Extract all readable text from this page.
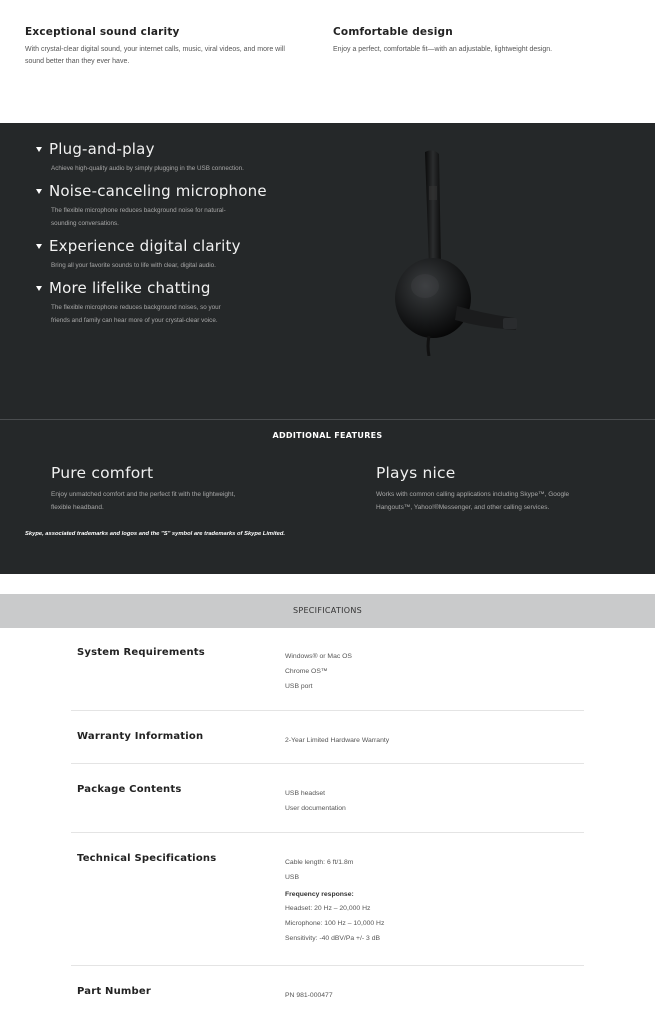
Exceptional sound clarity

With crystal-clear digital sound, your internet calls, music, viral videos, and more will
sound better than they ever have.

Comfortable design

Enjoy a perfect, comfortable fit—with an adjustable, lightweight design.

Plug-and-play

Achieve high-quality audio by simply plugging in the USB connection.

Noise-canceling microphone

The flexible microphone reduces background noise for natural-
sounding conversations.

Experience digital clarity

Bring all your favorite sounds to life with clear, digital audio.

More lifelike chatting

The flexible microphone reduces background noises, so your
friends and family can hear more of your crystal-clear voice.

ADDITIONAL FEATURES
Pure comfort

Enjoy unmatched comfort and the perfect fit with the lightweight,
flexible headband.

Plays nice

Works with common calling applications including Skype™, Google
Hangouts™, Yahoo!®Messenger, and other calling services.

Skype, associated trademarks and logos and the "S" symbol are trademarks of Skype Limited.
SPECIFICATIONS
System Requirements	Windows® or Mac OS
Chrome OS™
USB port
Warranty Information	2-Year Limited Hardware Warranty
Package Contents	USB headset
User documentation
Technical Specifications	Cable length: 6 ft/1.8m
USB
Frequency response:
Headset: 20 Hz – 20,000 Hz
Microphone: 100 Hz – 10,000 Hz
Sensitivity: -40 dBV/Pa +/- 3 dB
Part Number	PN 981-000477
